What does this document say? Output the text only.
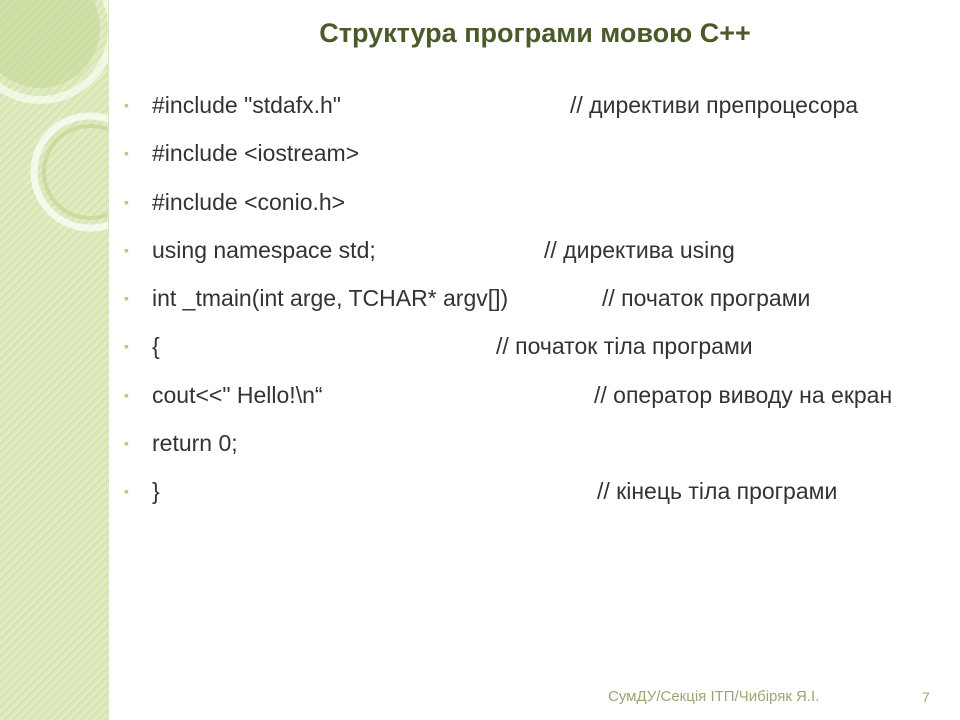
Структура програми мовою C++
▪ #include "stdafx.h"	// директиви препроцесора
▪ #include <iostream>
▪ #include <conio.h>
▪ using namespace std;	// директива using
▪ int _tmain(int arge, TCHAR* argv[])	// початок програми
▪ {	// початок тіла програми
▪ cout<<" Hello!\n“	// оператор виводу на екран
▪ return 0;
▪ }	// кінець тіла програми
СумДУ/Секція ІТП/Чибіряк Я.І.	7
